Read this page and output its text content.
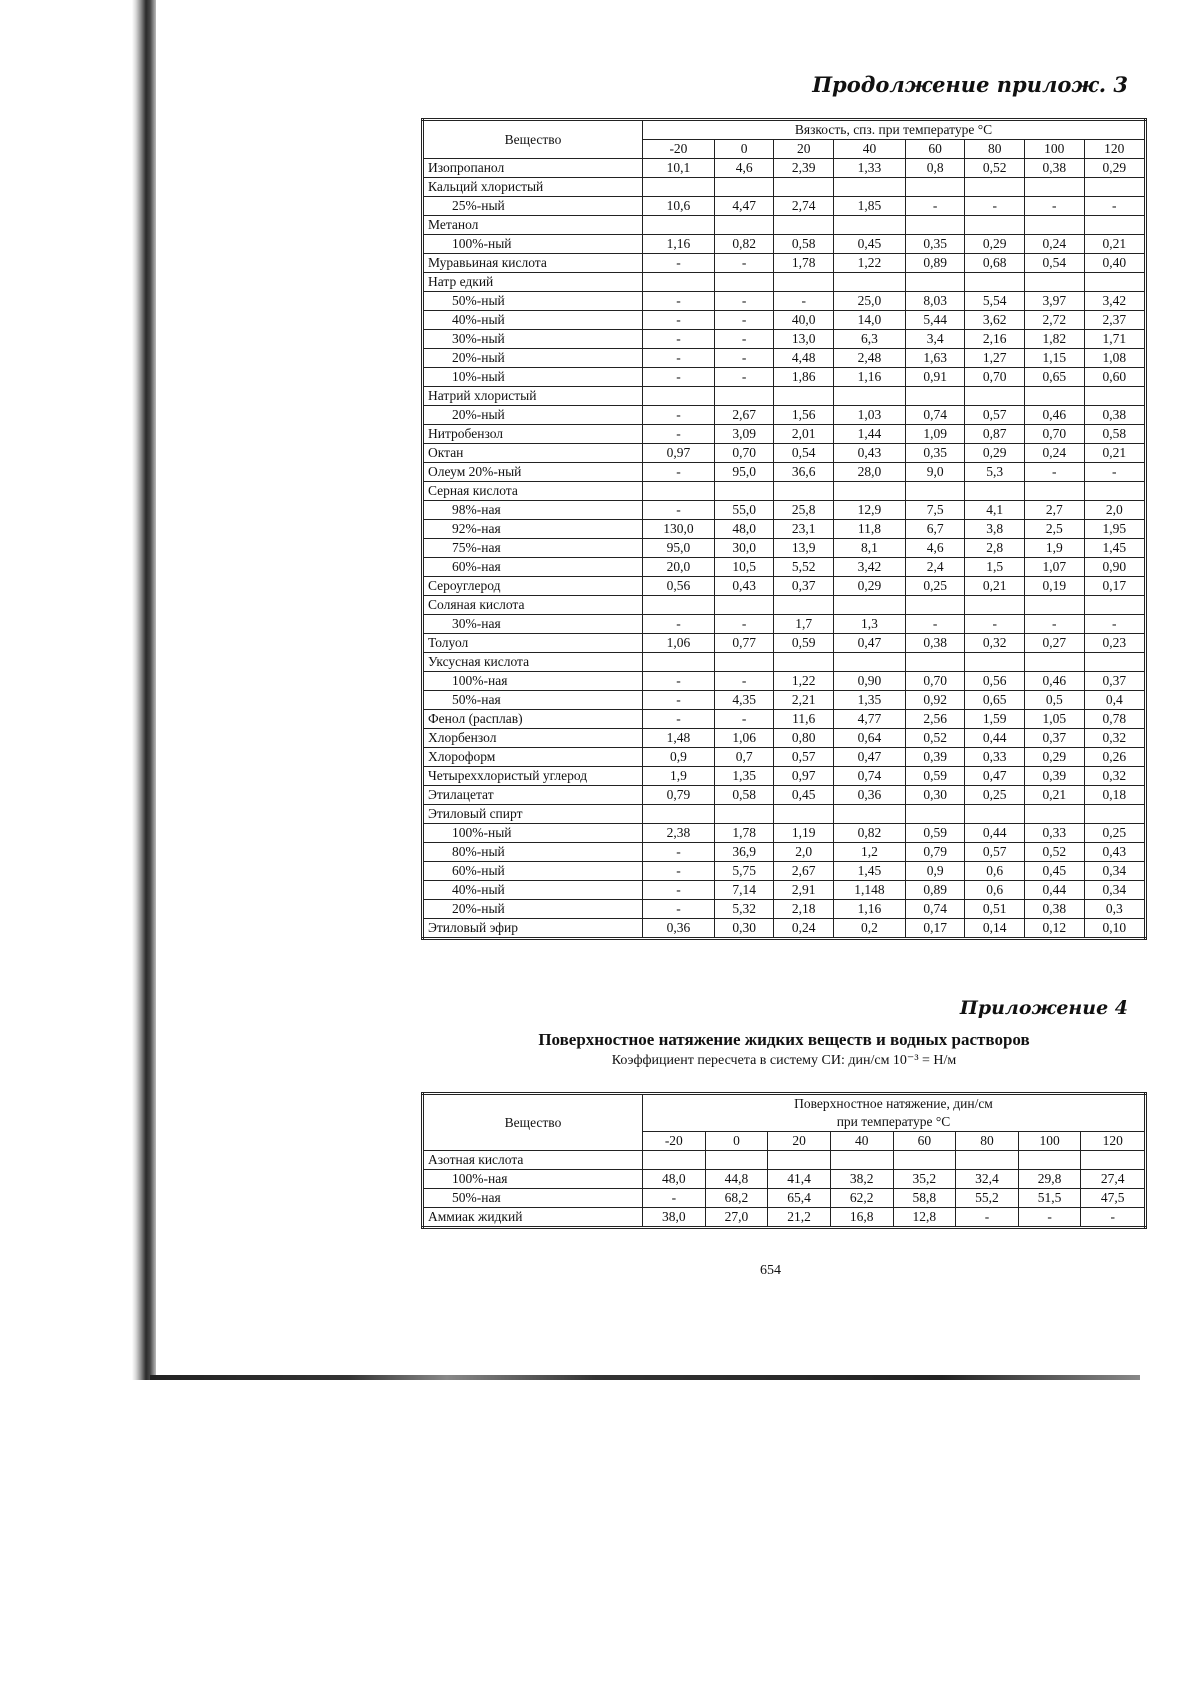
Продолжение прилож. 3
Вещество	Вязкость, спз. при температуре °C							
	-20	0	20	40	60	80	100	120
Изопропанол	10,1	4,6	2,39	1,33	0,8	0,52	0,38	0,29
Кальций хлористый								
25%-ный	10,6	4,47	2,74	1,85	-	-	-	-
Метанол								
100%-ный	1,16	0,82	0,58	0,45	0,35	0,29	0,24	0,21
Муравьиная кислота	-	-	1,78	1,22	0,89	0,68	0,54	0,40
Натр едкий								
50%-ный	-	-	-	25,0	8,03	5,54	3,97	3,42
40%-ный	-	-	40,0	14,0	5,44	3,62	2,72	2,37
30%-ный	-	-	13,0	6,3	3,4	2,16	1,82	1,71
20%-ный	-	-	4,48	2,48	1,63	1,27	1,15	1,08
10%-ный	-	-	1,86	1,16	0,91	0,70	0,65	0,60
Натрий хлористый								
20%-ный	-	2,67	1,56	1,03	0,74	0,57	0,46	0,38
Нитробензол	-	3,09	2,01	1,44	1,09	0,87	0,70	0,58
Октан	0,97	0,70	0,54	0,43	0,35	0,29	0,24	0,21
Олеум 20%-ный	-	95,0	36,6	28,0	9,0	5,3	-	-
Серная кислота								
98%-ная	-	55,0	25,8	12,9	7,5	4,1	2,7	2,0
92%-ная	130,0	48,0	23,1	11,8	6,7	3,8	2,5	1,95
75%-ная	95,0	30,0	13,9	8,1	4,6	2,8	1,9	1,45
60%-ная	20,0	10,5	5,52	3,42	2,4	1,5	1,07	0,90
Сероуглерод	0,56	0,43	0,37	0,29	0,25	0,21	0,19	0,17
Соляная кислота								
30%-ная	-	-	1,7	1,3	-	-	-	-
Толуол	1,06	0,77	0,59	0,47	0,38	0,32	0,27	0,23
Уксусная кислота								
100%-ная	-	-	1,22	0,90	0,70	0,56	0,46	0,37
50%-ная	-	4,35	2,21	1,35	0,92	0,65	0,5	0,4
Фенол (расплав)	-	-	11,6	4,77	2,56	1,59	1,05	0,78
Хлорбензол	1,48	1,06	0,80	0,64	0,52	0,44	0,37	0,32
Хлороформ	0,9	0,7	0,57	0,47	0,39	0,33	0,29	0,26
Четыреххлористый углерод	1,9	1,35	0,97	0,74	0,59	0,47	0,39	0,32
Этилацетат	0,79	0,58	0,45	0,36	0,30	0,25	0,21	0,18
Этиловый спирт								
100%-ный	2,38	1,78	1,19	0,82	0,59	0,44	0,33	0,25
80%-ный	-	36,9	2,0	1,2	0,79	0,57	0,52	0,43
60%-ный	-	5,75	2,67	1,45	0,9	0,6	0,45	0,34
40%-ный	-	7,14	2,91	1,148	0,89	0,6	0,44	0,34
20%-ный	-	5,32	2,18	1,16	0,74	0,51	0,38	0,3
Этиловый эфир	0,36	0,30	0,24	0,2	0,17	0,14	0,12	0,10
Приложение 4
Поверхностное натяжение жидких веществ и водных растворов
Коэффициент пересчета в систему СИ: дин/см 10⁻³ = Н/м
Вещество	Поверхностное натяжение, дин/см
при температуре °C							

	-20	0	20	40	60	80	100	120
Азотная кислота								
100%-ная	48,0	44,8	41,4	38,2	35,2	32,4	29,8	27,4
50%-ная	-	68,2	65,4	62,2	58,8	55,2	51,5	47,5
Аммиак жидкий	38,0	27,0	21,2	16,8	12,8	-	-	-
654
